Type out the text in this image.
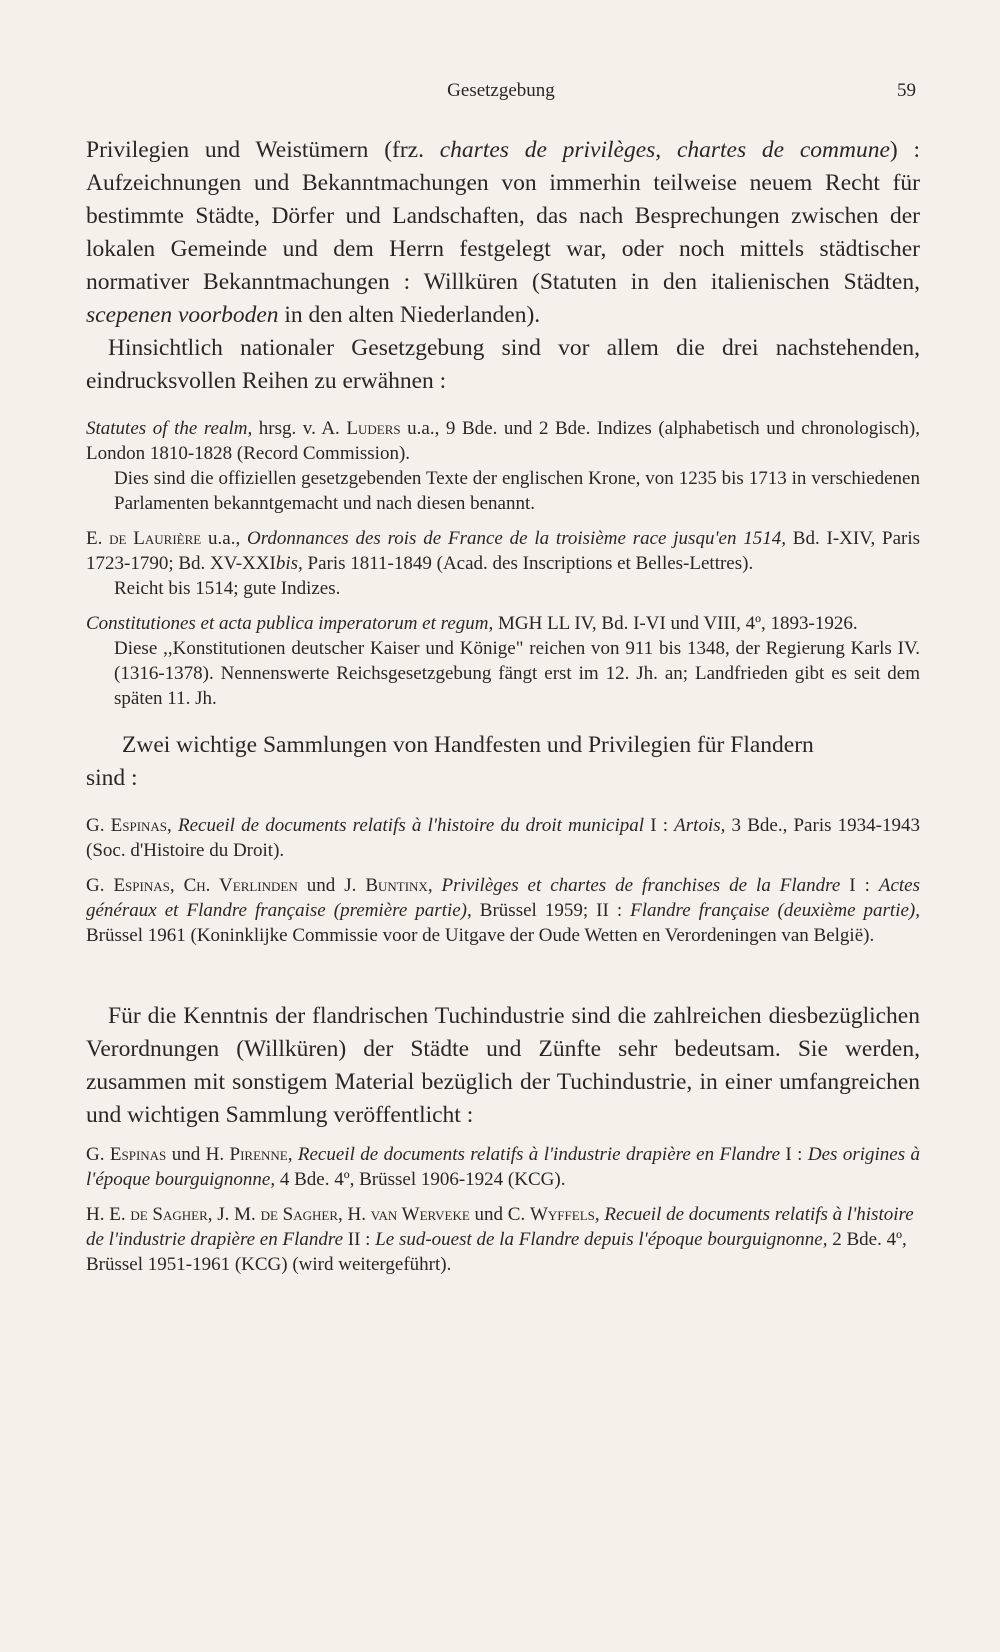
Gesetzgebung	59

Privilegien und Weistümern (frz. chartes de privilèges, chartes de commune) : Aufzeichnungen und Bekanntmachungen von immerhin teilweise neuem Recht für bestimmte Städte, Dörfer und Landschaften, das nach Besprechungen zwischen der lokalen Gemeinde und dem Herrn festgelegt war, oder noch mittels städtischer normativer Bekanntmachungen : Willküren (Statuten in den italienischen Städten, scepenen voorboden in den alten Niederlanden).

Hinsichtlich nationaler Gesetzgebung sind vor allem die drei nachstehenden, eindrucksvollen Reihen zu erwähnen :

Statutes of the realm, hrsg. v. A. Luders u.a., 9 Bde. und 2 Bde. Indizes (alphabetisch und chronologisch), London 1810-1828 (Record Commission).

Dies sind die offiziellen gesetzgebenden Texte der englischen Krone, von 1235 bis 1713 in verschiedenen Parlamenten bekanntgemacht und nach diesen benannt.

E. de Laurière u.a., Ordonnances des rois de France de la troisième race jusqu'en 1514, Bd. I-XIV, Paris 1723-1790; Bd. XV-XXIbis, Paris 1811-1849 (Acad. des Inscriptions et Belles-Lettres).

Reicht bis 1514; gute Indizes.

Constitutiones et acta publica imperatorum et regum, MGH LL IV, Bd. I-VI und VIII, 4º, 1893-1926.

Diese ,,Konstitutionen deutscher Kaiser und Könige" reichen von 911 bis 1348, der Regierung Karls IV. (1316-1378). Nennenswerte Reichsgesetzgebung fängt erst im 12. Jh. an; Landfrieden gibt es seit dem späten 11. Jh.

Zwei wichtige Sammlungen von Handfesten und Privilegien für Flandern

sind :

G. Espinas, Recueil de documents relatifs à l'histoire du droit municipal I : Artois, 3 Bde., Paris 1934-1943 (Soc. d'Histoire du Droit).

G. Espinas, Ch. Verlinden und J. Buntinx, Privilèges et chartes de franchises de la Flandre I : Actes généraux et Flandre française (première partie), Brüssel 1959; II : Flandre française (deuxième partie), Brüssel 1961 (Koninklijke Commissie voor de Uitgave der Oude Wetten en Verordeningen van België).

Für die Kenntnis der flandrischen Tuchindustrie sind die zahlreichen diesbezüglichen Verordnungen (Willküren) der Städte und Zünfte sehr bedeutsam. Sie werden, zusammen mit sonstigem Material bezüglich der Tuchindustrie, in einer umfangreichen und wichtigen Sammlung veröffentlicht :

G. Espinas und H. Pirenne, Recueil de documents relatifs à l'industrie drapière en Flandre I : Des origines à l'époque bourguignonne, 4 Bde. 4º, Brüssel 1906-1924 (KCG).

H. E. de Sagher, J. M. de Sagher, H. van Werveke und C. Wyffels, Recueil de documents relatifs à l'histoire de l'industrie drapière en Flandre II : Le sud-ouest de la Flandre depuis l'époque bourguignonne, 2 Bde. 4º, Brüssel 1951-1961 (KCG) (wird weitergeführt).
